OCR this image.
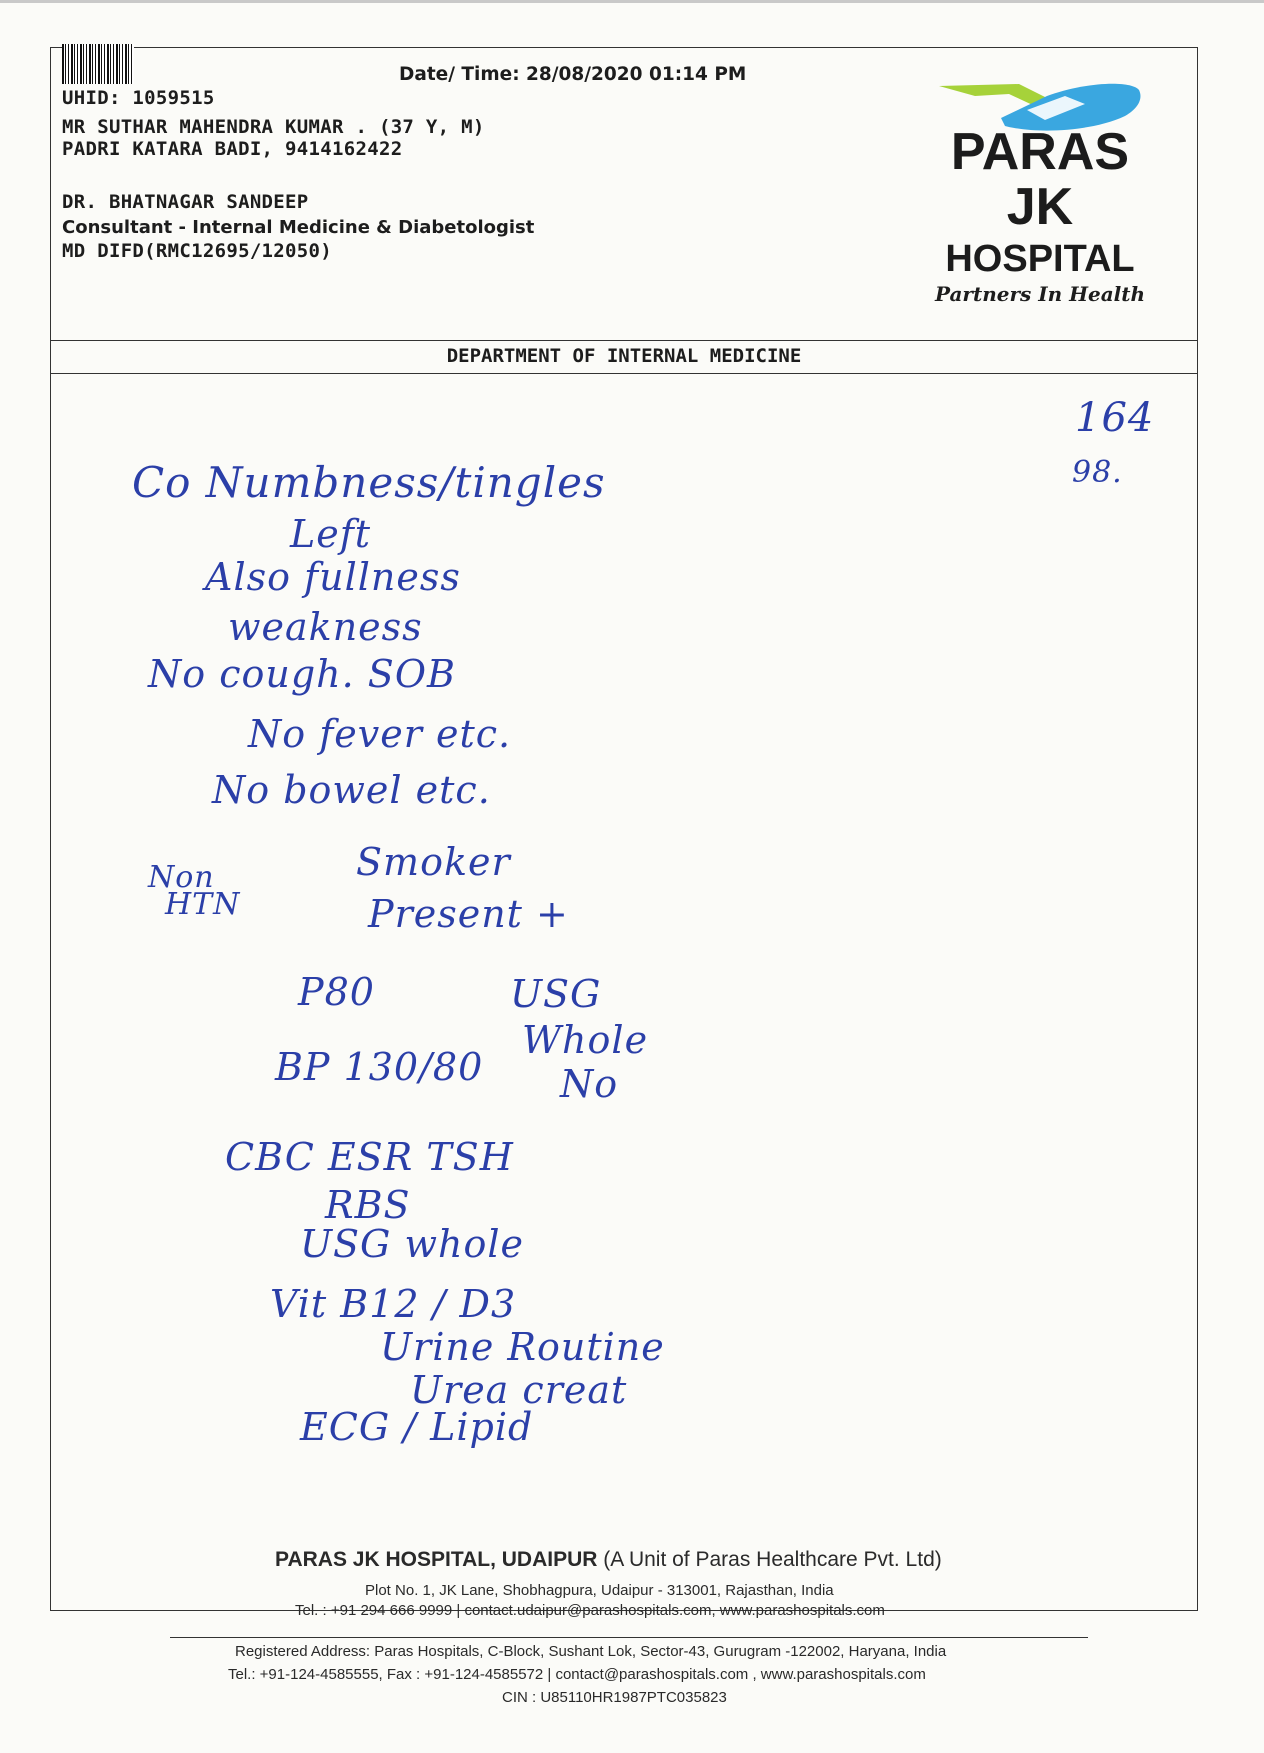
Date/ Time: 28/08/2020 01:14 PM
UHID: 1059515
MR SUTHAR MAHENDRA KUMAR . (37 Y, M)
PADRI KATARA BADI, 9414162422
DR. BHATNAGAR SANDEEP
Consultant - Internal Medicine & Diabetologist
MD DIFD(RMC12695/12050)
PARAS
JK
HOSPITAL
Partners In Health
DEPARTMENT OF INTERNAL MEDICINE
164
98.
Co Numbness/tingles
Left
Also fullness
weakness
No cough. SOB
No fever etc.
No bowel etc.
Non
HTN
Smoker
Present +
P80
BP 130/80
USG
Whole
No
CBC ESR TSH
RBS
USG whole
Vit B12 / D3
Urine Routine
Urea creat
ECG / Lipid
PARAS JK HOSPITAL, UDAIPUR (A Unit of Paras Healthcare Pvt. Ltd)
Plot No. 1, JK Lane, Shobhagpura, Udaipur - 313001, Rajasthan, India
Tel. : +91 294 666 9999 | contact.udaipur@parashospitals.com, www.parashospitals.com
Registered Address: Paras Hospitals, C-Block, Sushant Lok, Sector-43, Gurugram -122002, Haryana, India
Tel.: +91-124-4585555, Fax : +91-124-4585572 | contact@parashospitals.com , www.parashospitals.com
CIN : U85110HR1987PTC035823
